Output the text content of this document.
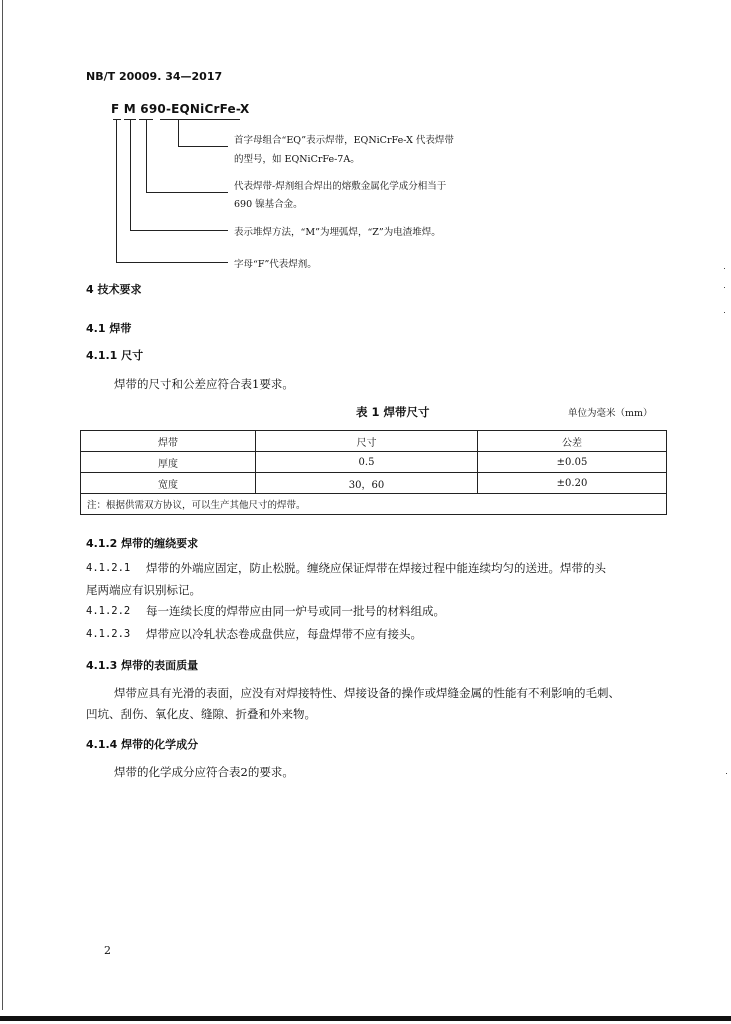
NB/T 20009. 34—2017
F M 690-EQNiCrFe-X
首字母组合“EQ”表示焊带，EQNiCrFe-X 代表焊带
的型号，如 EQNiCrFe-7A。
代表焊带-焊剂组合焊出的熔敷金属化学成分相当于
690 镍基合金。
表示堆焊方法，“M”为埋弧焊，“Z”为电渣堆焊。
字母“F”代表焊剂。
4 技术要求
4.1 焊带
4.1.1 尺寸
焊带的尺寸和公差应符合表1要求。
表 1 焊带尺寸	单位为毫米（mm）
焊带	尺寸	公差
厚度	0.5	±0.05
宽度	30，60	±0.20
注：根据供需双方协议，可以生产其他尺寸的焊带。		
4.1.2 焊带的缠绕要求
4.1.2.1 焊带的外端应固定，防止松脱。缠绕应保证焊带在焊接过程中能连续均匀的送进。焊带的头
尾两端应有识别标记。
4.1.2.2 每一连续长度的焊带应由同一炉号或同一批号的材料组成。
4.1.2.3 焊带应以冷轧状态卷成盘供应，每盘焊带不应有接头。
4.1.3 焊带的表面质量
焊带应具有光滑的表面，应没有对焊接特性、焊接设备的操作或焊缝金属的性能有不利影响的毛刺、
凹坑、刮伤、氧化皮、缝隙、折叠和外来物。
4.1.4 焊带的化学成分
焊带的化学成分应符合表2的要求。
2
